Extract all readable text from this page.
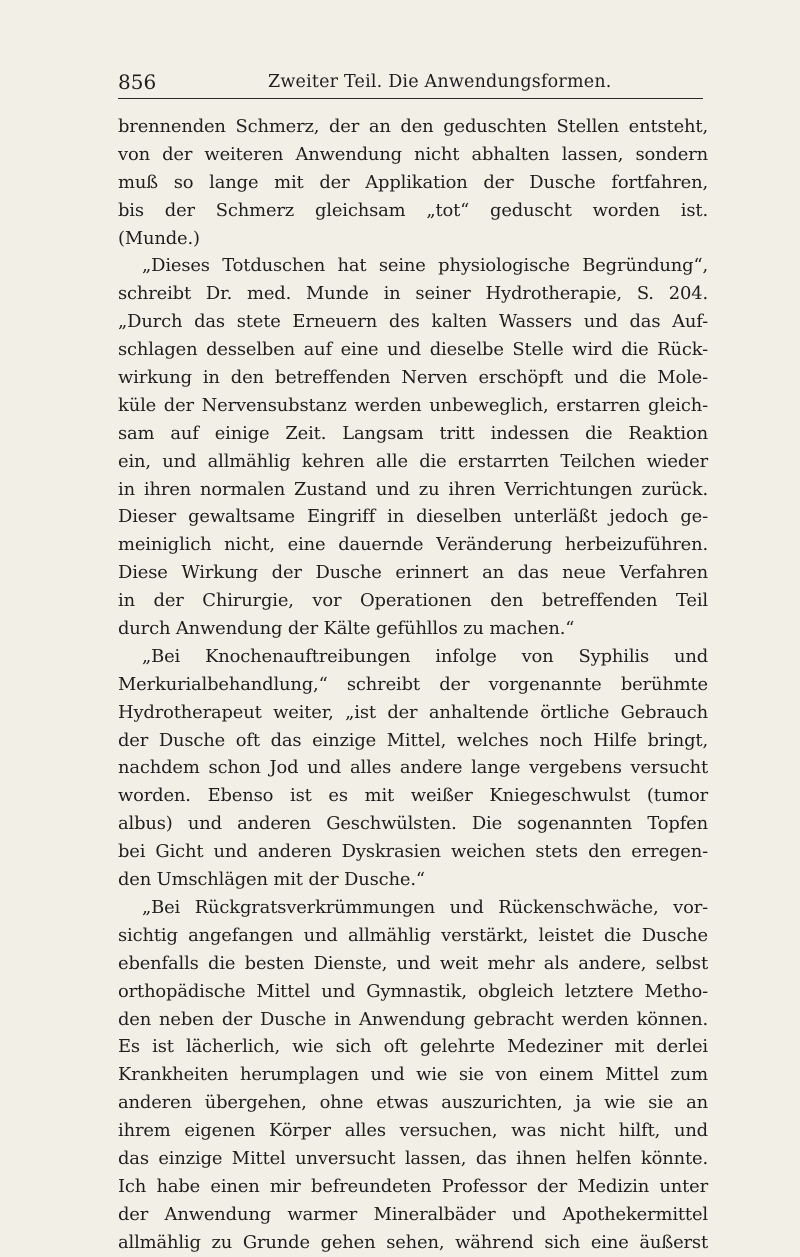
856	Zweiter Teil. Die Anwendungsformen.
brennenden Schmerz, der an den geduschten Stellen entsteht,
von der weiteren Anwendung nicht abhalten lassen, sondern
muß so lange mit der Applikation der Dusche fortfahren,
bis der Schmerz gleichsam „tot“ geduscht worden ist.
(Munde.)
„Dieses Totduschen hat seine physiologische Begründung“,
schreibt Dr. med. Munde in seiner Hydrotherapie, S. 204.
„Durch das stete Erneuern des kalten Wassers und das Auf-
schlagen desselben auf eine und dieselbe Stelle wird die Rück-
wirkung in den betreffenden Nerven erschöpft und die Mole-
küle der Nervensubstanz werden unbeweglich, erstarren gleich-
sam auf einige Zeit. Langsam tritt indessen die Reaktion
ein, und allmählig kehren alle die erstarrten Teilchen wieder
in ihren normalen Zustand und zu ihren Verrichtungen zurück.
Dieser gewaltsame Eingriff in dieselben unterläßt jedoch ge-
meiniglich nicht, eine dauernde Veränderung herbeizuführen.
Diese Wirkung der Dusche erinnert an das neue Verfahren
in der Chirurgie, vor Operationen den betreffenden Teil
durch Anwendung der Kälte gefühllos zu machen.“
„Bei Knochenauftreibungen infolge von Syphilis und
Merkurialbehandlung,“ schreibt der vorgenannte berühmte
Hydrotherapeut weiter, „ist der anhaltende örtliche Gebrauch
der Dusche oft das einzige Mittel, welches noch Hilfe bringt,
nachdem schon Jod und alles andere lange vergebens versucht
worden. Ebenso ist es mit weißer Kniegeschwulst (tumor
albus) und anderen Geschwülsten. Die sogenannten Topfen
bei Gicht und anderen Dyskrasien weichen stets den erregen-
den Umschlägen mit der Dusche.“
„Bei Rückgratsverkrümmungen und Rückenschwäche, vor-
sichtig angefangen und allmählig verstärkt, leistet die Dusche
ebenfalls die besten Dienste, und weit mehr als andere, selbst
orthopädische Mittel und Gymnastik, obgleich letztere Metho-
den neben der Dusche in Anwendung gebracht werden können.
Es ist lächerlich, wie sich oft gelehrte Medeziner mit derlei
Krankheiten herumplagen und wie sie von einem Mittel zum
anderen übergehen, ohne etwas auszurichten, ja wie sie an
ihrem eigenen Körper alles versuchen, was nicht hilft, und
das einzige Mittel unversucht lassen, das ihnen helfen könnte.
Ich habe einen mir befreundeten Professor der Medizin unter
der Anwendung warmer Mineralbäder und Apothekermittel
allmählig zu Grunde gehen sehen, während sich eine äußerst
